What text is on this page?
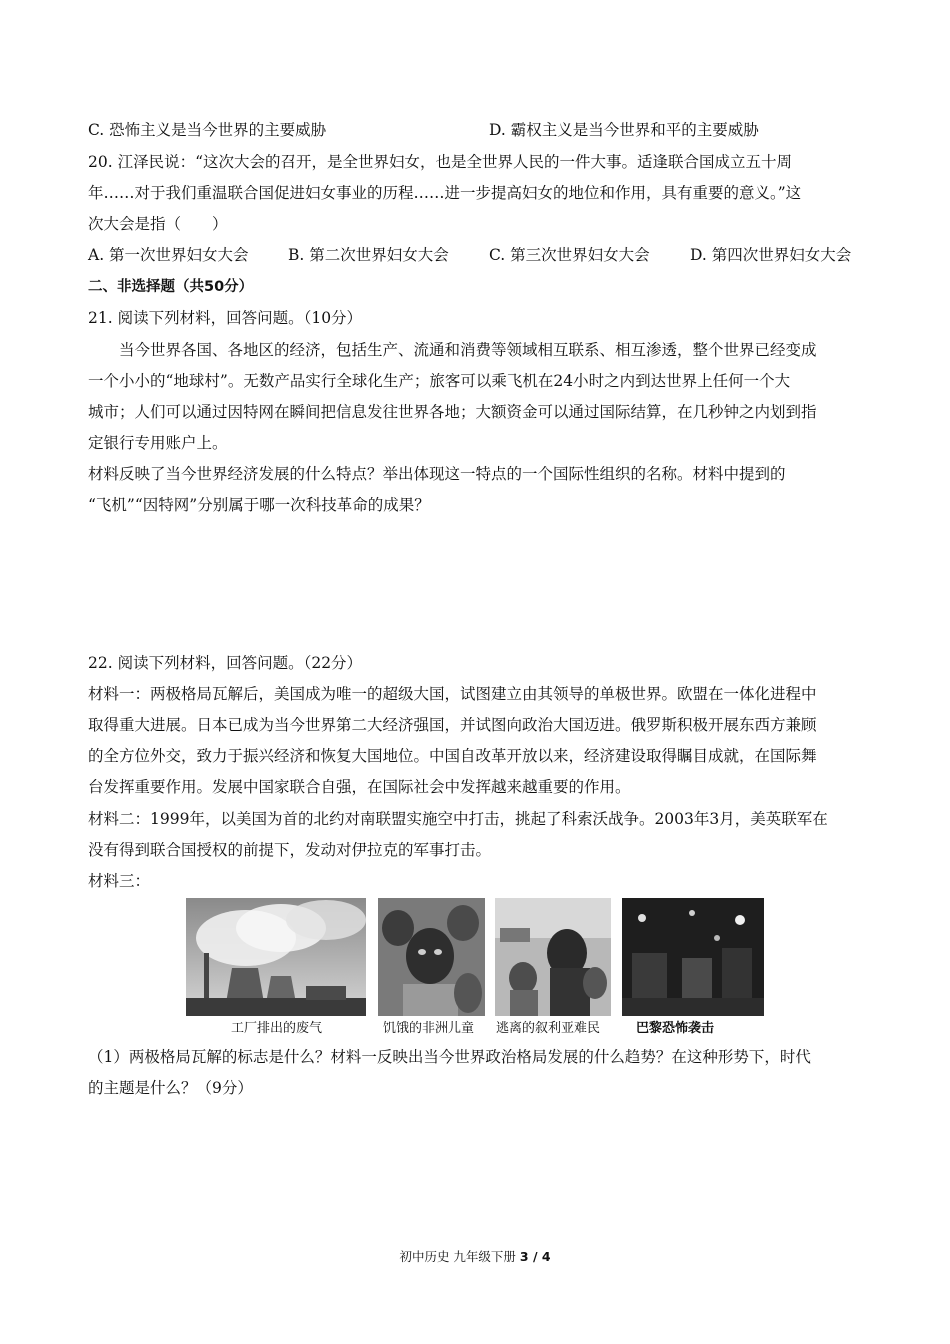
C. 恐怖主义是当今世界的主要威胁	D. 霸权主义是当今世界和平的主要威胁
20. 江泽民说：“这次大会的召开，是全世界妇女，也是全世界人民的一件大事。适逢联合国成立五十周
年……对于我们重温联合国促进妇女事业的历程……进一步提高妇女的地位和作用，具有重要的意义。”这
次大会是指（　　）
A. 第一次世界妇女大会	B. 第二次世界妇女大会	C. 第三次世界妇女大会	D. 第四次世界妇女大会
二、非选择题（共50分）
21. 阅读下列材料，回答问题。（10分）
　　当今世界各国、各地区的经济，包括生产、流通和消费等领域相互联系、相互渗透，整个世界已经变成
一个小小的“地球村”。无数产品实行全球化生产；旅客可以乘飞机在24小时之内到达世界上任何一个大
城市；人们可以通过因特网在瞬间把信息发往世界各地；大额资金可以通过国际结算，在几秒钟之内划到指
定银行专用账户上。
材料反映了当今世界经济发展的什么特点？举出体现这一特点的一个国际性组织的名称。材料中提到的
“飞机”“因特网”分别属于哪一次科技革命的成果？
22. 阅读下列材料，回答问题。（22分）
材料一：两极格局瓦解后，美国成为唯一的超级大国，试图建立由其领导的单极世界。欧盟在一体化进程中
取得重大进展。日本已成为当今世界第二大经济强国，并试图向政治大国迈进。俄罗斯积极开展东西方兼顾
的全方位外交，致力于振兴经济和恢复大国地位。中国自改革开放以来，经济建设取得瞩目成就，在国际舞
台发挥重要作用。发展中国家联合自强，在国际社会中发挥越来越重要的作用。
材料二：1999年，以美国为首的北约对南联盟实施空中打击，挑起了科索沃战争。2003年3月，美英联军在
没有得到联合国授权的前提下，发动对伊拉克的军事打击。
材料三：
工厂排出的废气	饥饿的非洲儿童 逃离的叙利亚难民	巴黎恐怖袭击
（1）两极格局瓦解的标志是什么？材料一反映出当今世界政治格局发展的什么趋势？在这种形势下，时代
的主题是什么？（9分）
初中历史 九年级下册 3 / 4
